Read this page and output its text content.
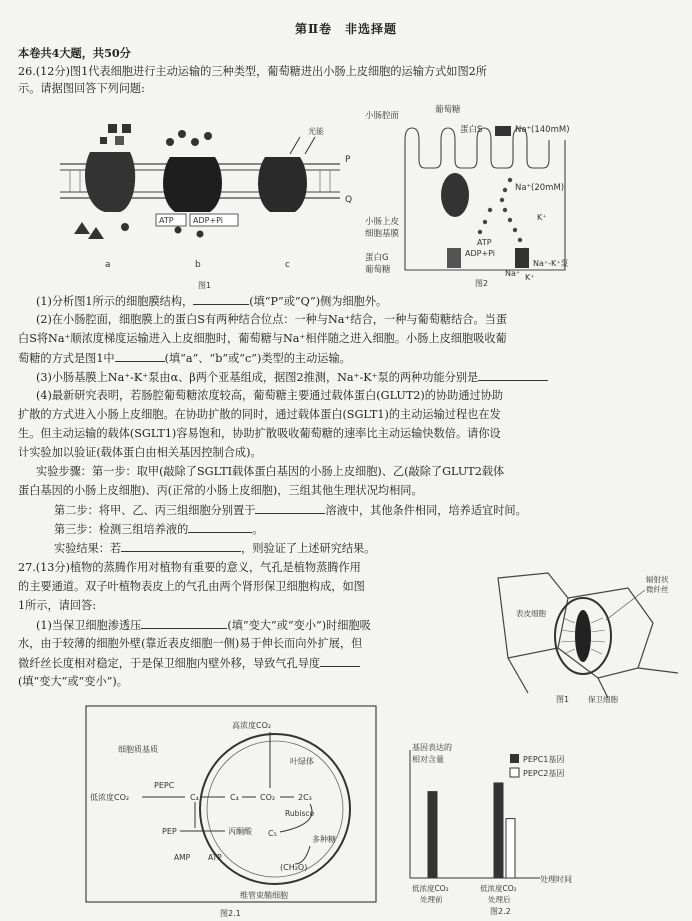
第Ⅱ卷　非选择题
本卷共4大题，共50分
26.(12分)图1代表细胞进行主动运输的三种类型，葡萄糖进出小肠上皮细胞的运输方式如图2所
示。请据图回答下列问题:
ATP ADP+Pi
光能
P
Q
a	b	c
图1
小肠腔面
葡萄糖
蛋白S	Na⁺(140mM)
Na⁺(20mM)
小肠上皮
细胞基膜
蛋白G
葡萄糖
ATP
ADP+Pi
K⁺
Na⁺
Na⁺-K⁺泵
K⁺
图2
(1)分析图1所示的细胞膜结构，	(填“P”或“Q”)侧为细胞外。
(2)在小肠腔面，细胞膜上的蛋白S有两种结合位点：一种与Na⁺结合，一种与葡萄糖结合。当蛋
白S将Na⁺顺浓度梯度运输进入上皮细胞时，葡萄糖与Na⁺相伴随之进入细胞。小肠上皮细胞吸收葡
萄糖的方式是图1中	(填“a”、“b”或“c”)类型的主动运输。
(3)小肠基膜上Na⁺-K⁺泵由α、β两个亚基组成，据图2推测，Na⁺-K⁺泵的两种功能分别是
(4)最新研究表明，若肠腔葡萄糖浓度较高，葡萄糖主要通过载体蛋白(GLUT2)的协助通过协助
扩散的方式进入小肠上皮细胞。在协助扩散的同时，通过载体蛋白(SGLT1)的主动运输过程也在发
生。但主动运输的载体(SGLT1)容易饱和，协助扩散吸收葡萄糖的速率比主动运输快数倍。请你设
计实验加以验证(载体蛋白由相关基因控制合成)。
实验步骤：第一步：取甲(敲除了SGLTI载体蛋白基因的小肠上皮细胞)、乙(敲除了GLUT2载体
蛋白基因的小肠上皮细胞)、丙(正常的小肠上皮细胞)，三组其他生理状况均相同。
第二步：将甲、乙、丙三组细胞分别置于	溶液中，其他条件相同，培养适宜时间。
第三步：检测三组培养液的	。
实验结果：若	，则验证了上述研究结果。
27.(13分)植物的蒸腾作用对植物有重要的意义，气孔是植物蒸腾作用
的主要通道。双子叶植物表皮上的气孔由两个肾形保卫细胞构成，如图
1所示，请回答:
(1)当保卫细胞渗透压	(填“变大”或“变小”)时细胞吸
水，由于较薄的细胞外壁(靠近表皮细胞一侧)易于伸长而向外扩展，但
微纤丝长度相对稳定，于是保卫细胞内壁外移，导致气孔导度
(填“变大”或“变小”)。
表皮细胞
辐射状
微纤丝
图1	保卫细胞
高浓度CO₂
细胞质基质
叶绿体
低浓度CO₂
PEPC
C₄	C₄	CO₂	2C₃
Rubisco
C₅
PEP	丙酮酸
AMP ATP
多种糖
(CH₂O)
维管束鞘细胞
图2.1
基因表达的
相对含量
处理时间
低浓度CO₂
处理前
低浓度CO₂
处理后
PEPC1基因
PEPC2基因
图2.2
